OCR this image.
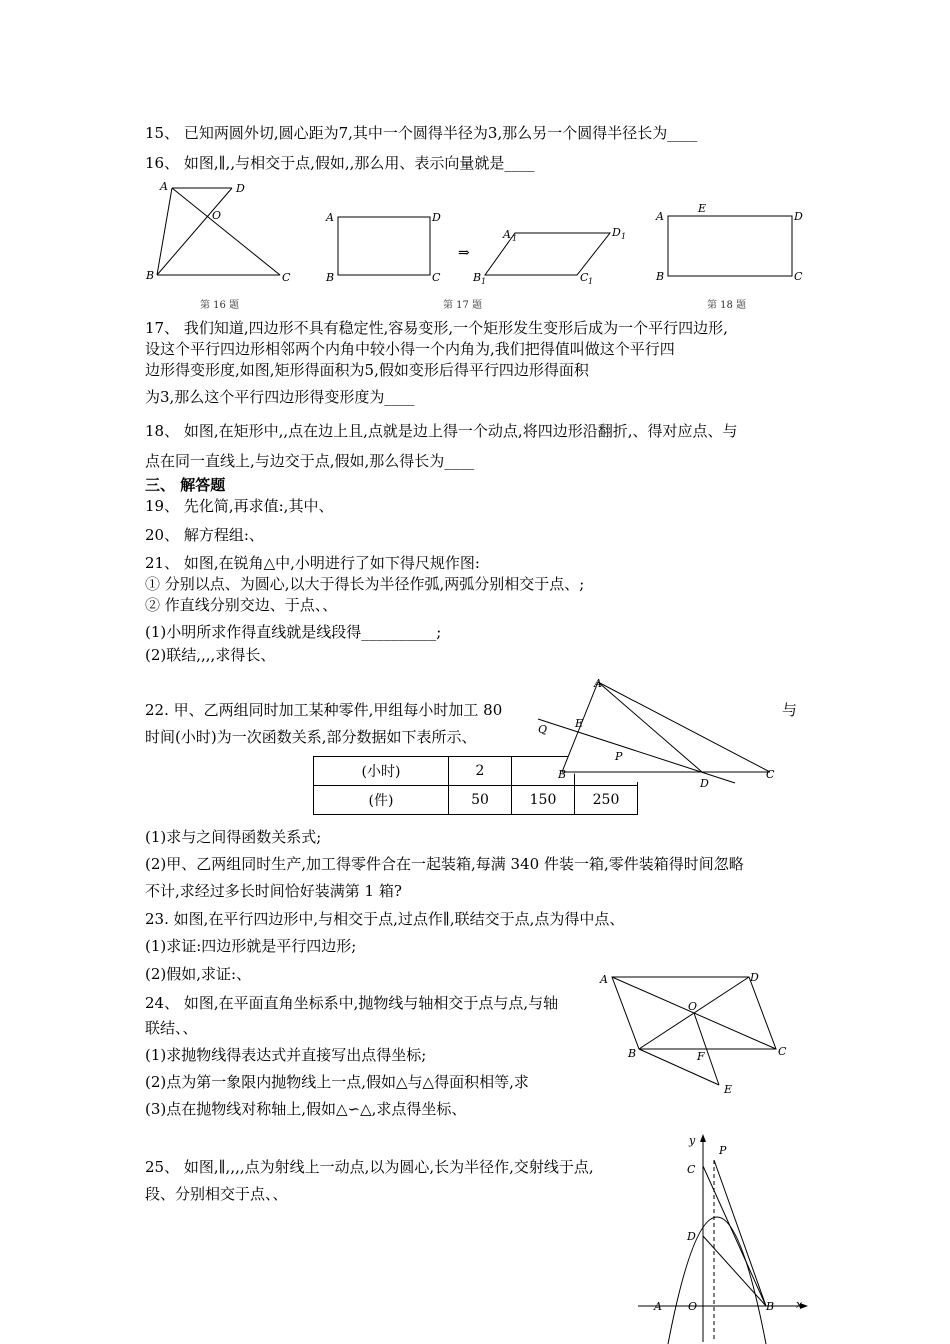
15、 已知两圆外切,圆心距为7,其中一个圆得半径为3,那么另一个圆得半径长为____
16、 如图,∥,,与相交于点,假如,,那么用、表示向量就是____
A	D
O
B	C
第 16 题
A	D
B	C
⇒
A 1	D 1
B 1	C 1
第 17 题
E
A	D
B	C
第 18 题
17、 我们知道,四边形不具有稳定性,容易变形,一个矩形发生变形后成为一个平行四边形,
设这个平行四边形相邻两个内角中较小得一个内角为,我们把得值叫做这个平行四
边形得变形度,如图,矩形得面积为5,假如变形后得平行四边形得面积
为3,那么这个平行四边形得变形度为____
18、 如图,在矩形中,,点在边上且,点就是边上得一个动点,将四边形沿翻折,、得对应点、与
点在同一直线上,与边交于点,假如,那么得长为____
三、 解答题
19、 先化简,再求值:,其中、
20、 解方程组:、
21、 如图,在锐角△中,小明进行了如下得尺规作图:
① 分别以点、为圆心,以大于得长为半径作弧,两弧分别相交于点、;
② 作直线分别交边、于点、、
(1)小明所求作得直线就是线段得__________;
(2)联结,,,,求得长、
22. 甲、乙两组同时加工某种零件,甲组每小时加工 80	与
时间(小时)为一次函数关系,部分数据如下表所示、
(小时)	2		
(件)	50	150	250
A
E
Q
P
B
D
C
(1)求与之间得函数关系式;
(2)甲、乙两组同时生产,加工得零件合在一起装箱,每满 340 件装一箱,零件装箱得时间忽略
不计,求经过多长时间恰好装满第 1 箱?
23. 如图,在平行四边形中,与相交于点,过点作∥,联结交于点,点为得中点、
(1)求证:四边形就是平行四边形;
(2)假如,求证:、
24、 如图,在平面直角坐标系中,抛物线与轴相交于点与点,与轴
联结、、
(1)求抛物线得表达式并直接写出点得坐标;
(2)点为第一象限内抛物线上一点,假如△与△得面积相等,求
(3)点在抛物线对称轴上,假如△∽△,求点得坐标、
A	D
O
B	F	C
E
25、 如图,∥,,,,点为射线上一动点,以为圆心,长为半径作,交射线于点,
段、分别相交于点、、
y
P
C
D
A O	B x
